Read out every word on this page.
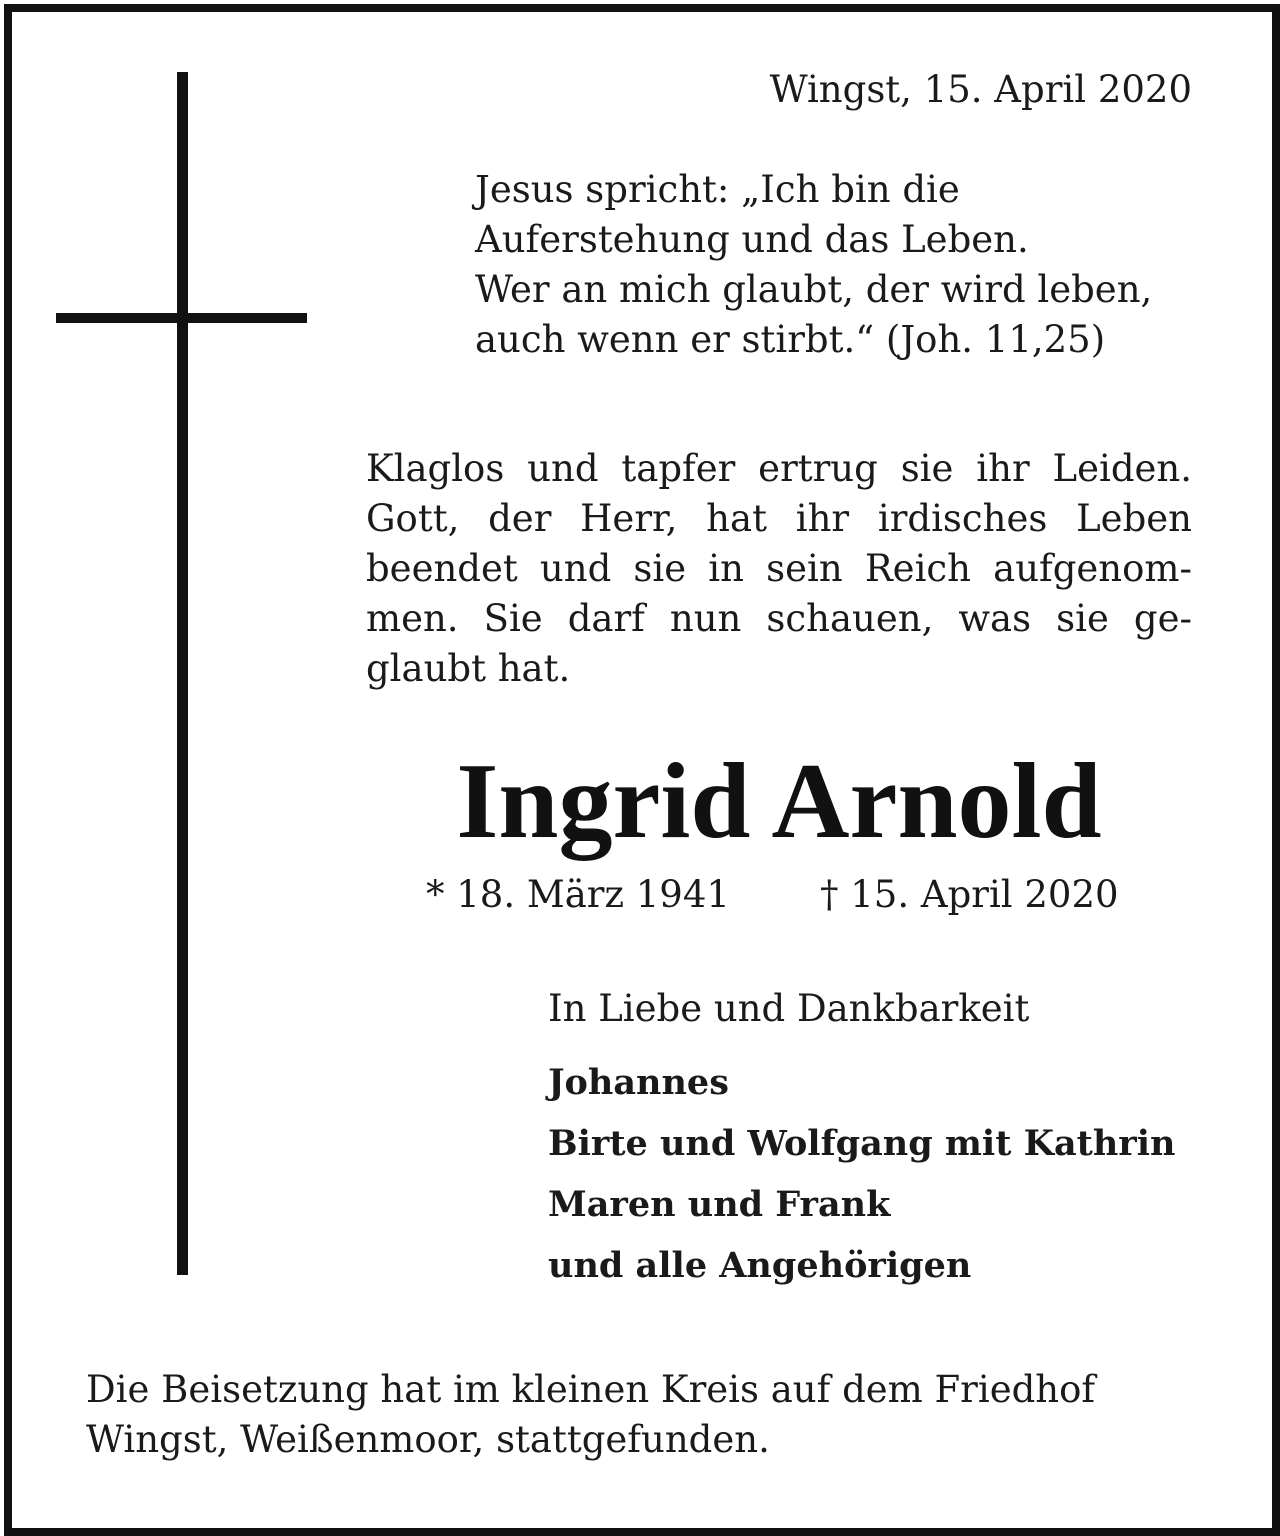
Wingst, 15. April 2020
Jesus spricht: „Ich bin die
Auferstehung und das Leben.
Wer an mich glaubt, der wird leben,
auch wenn er stirbt.“ (Joh. 11,25)
Klaglos und tapfer ertrug sie ihr Leiden.
Gott, der Herr, hat ihr irdisches Leben
beendet und sie in sein Reich aufgenom-
men. Sie darf nun schauen, was sie ge-
glaubt hat.
Ingrid Arnold
* 18. März 1941 † 15. April 2020
In Liebe und Dankbarkeit
Johannes
Birte und Wolfgang mit Kathrin
Maren und Frank
und alle Angehörigen
Die Beisetzung hat im kleinen Kreis auf dem Friedhof
Wingst, Weißenmoor, stattgefunden.
